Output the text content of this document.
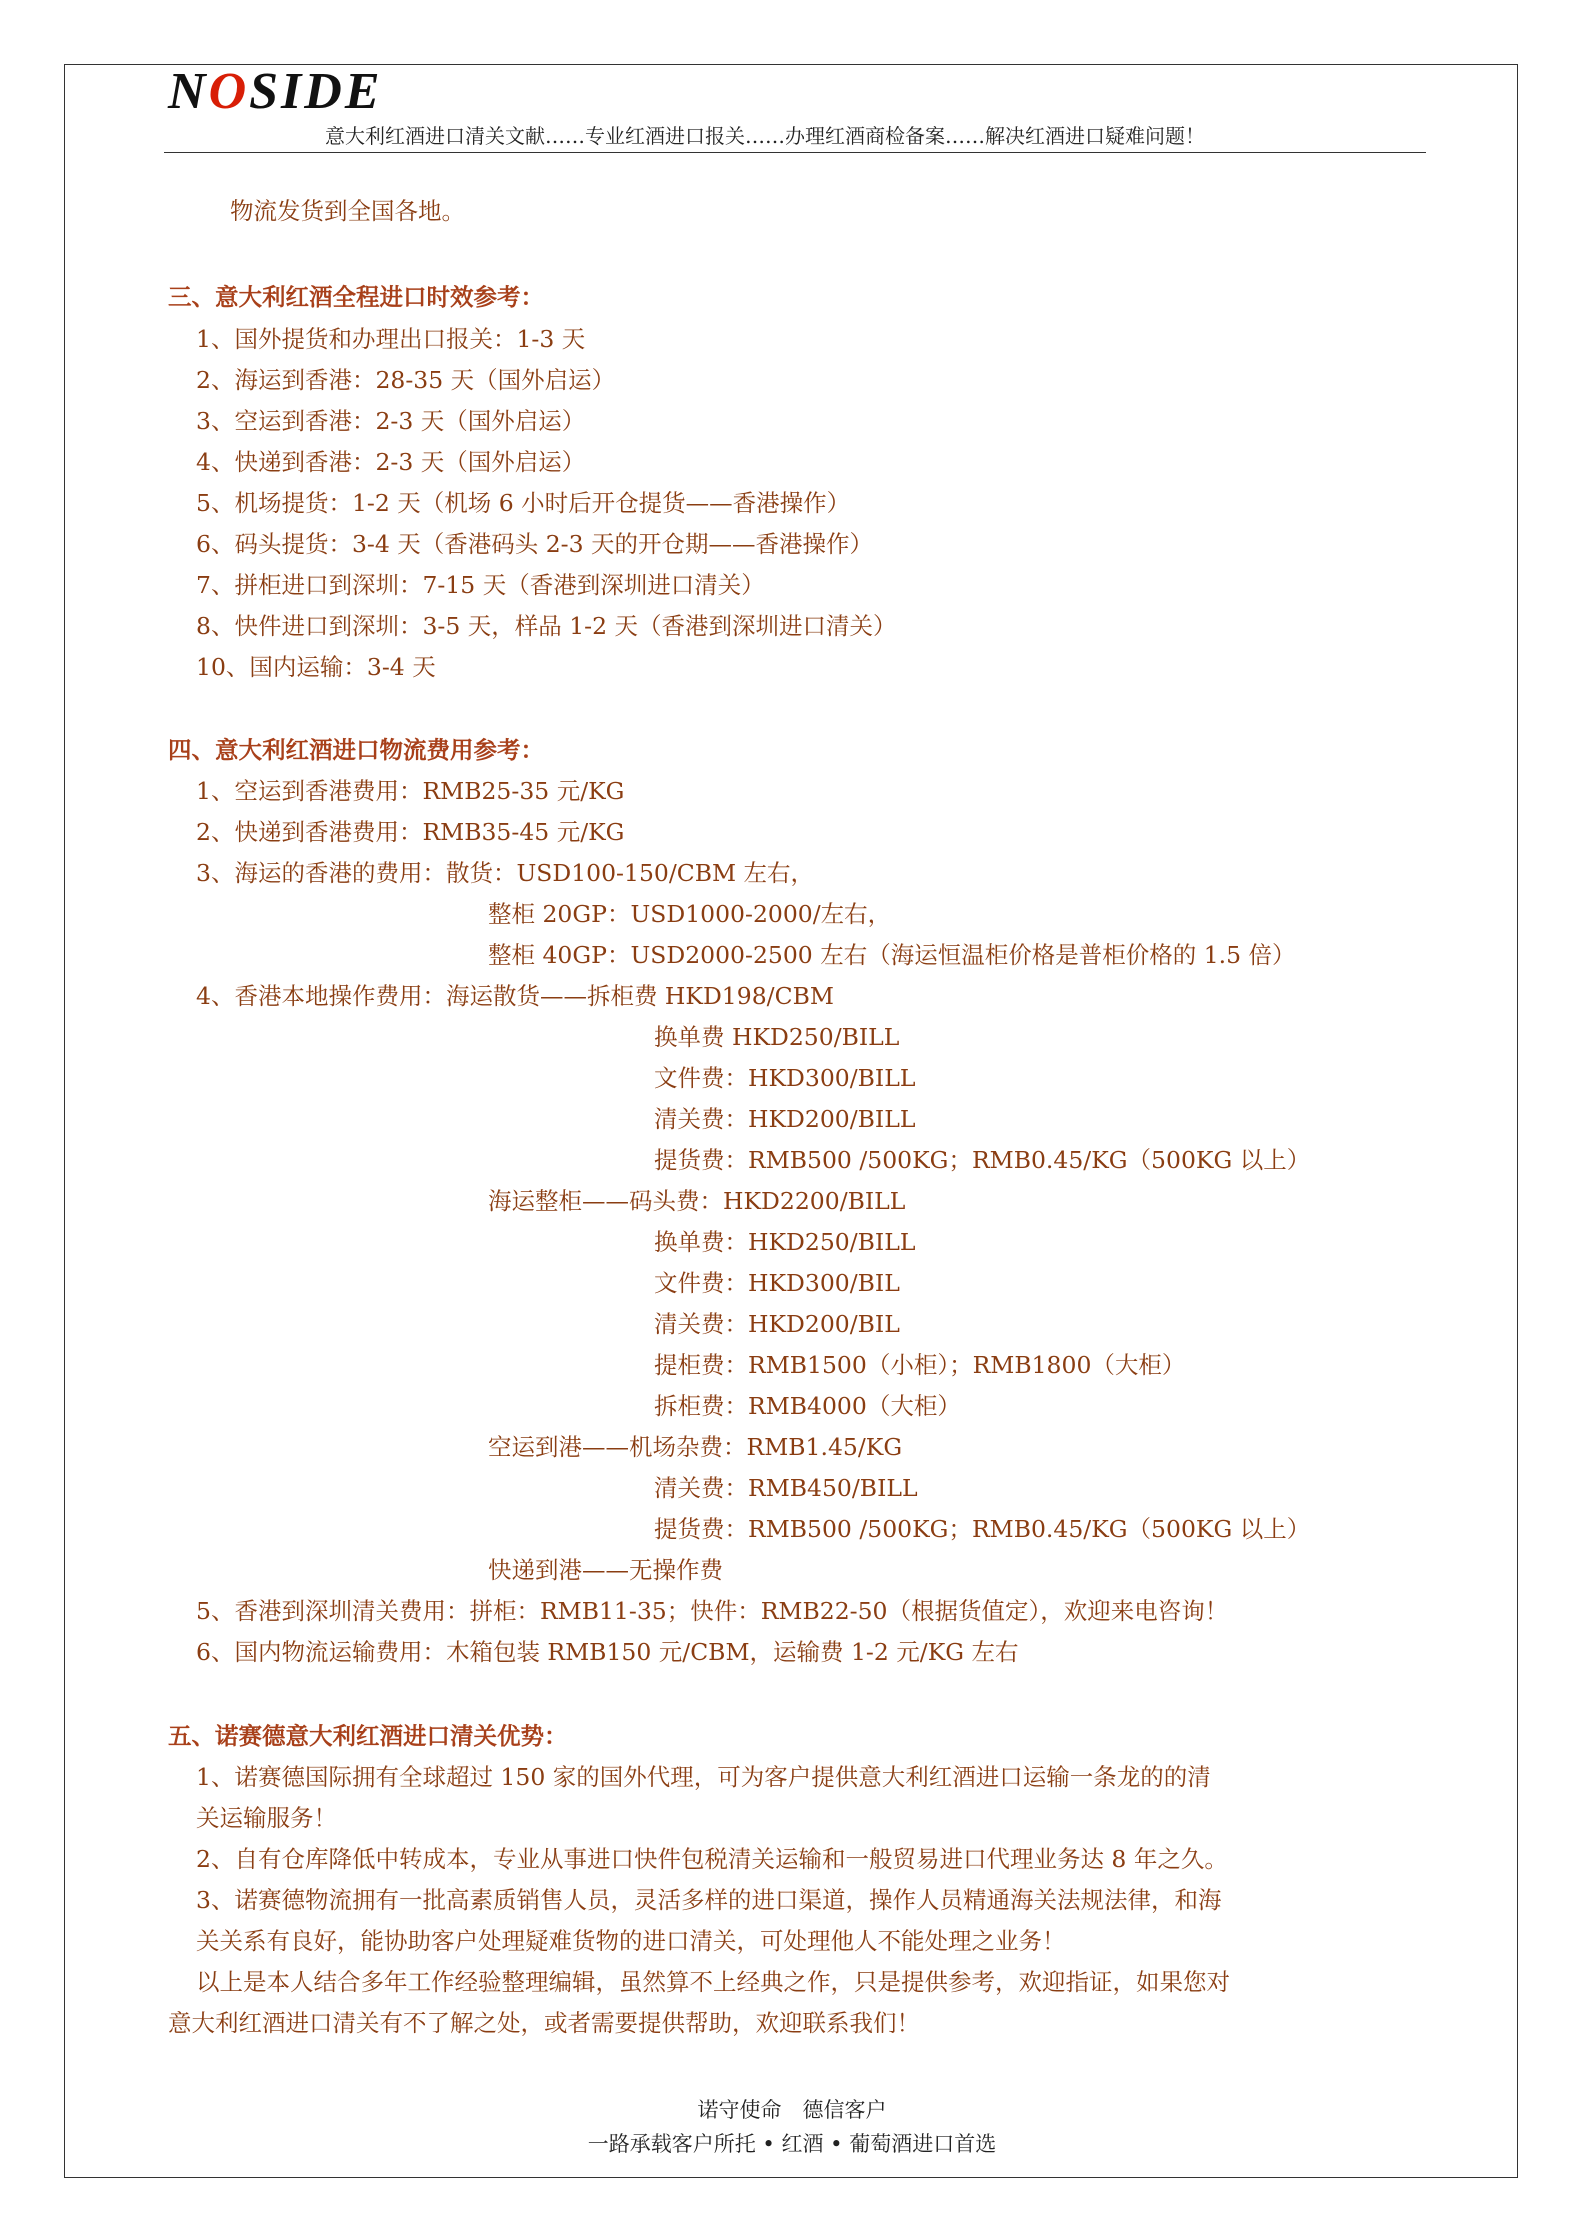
NOSIDE
意大利红酒进口清关文献……专业红酒进口报关……办理红酒商检备案……解决红酒进口疑难问题！
物流发货到全国各地。
三、意大利红酒全程进口时效参考：
1、国外提货和办理出口报关：1-3 天
2、海运到香港：28-35 天（国外启运）
3、空运到香港：2-3 天（国外启运）
4、快递到香港：2-3 天（国外启运）
5、机场提货：1-2 天（机场 6 小时后开仓提货——香港操作）
6、码头提货：3-4 天（香港码头 2-3 天的开仓期——香港操作）
7、拼柜进口到深圳：7-15 天（香港到深圳进口清关）
8、快件进口到深圳：3-5 天，样品 1-2 天（香港到深圳进口清关）
10、国内运输：3-4 天
四、意大利红酒进口物流费用参考：
1、空运到香港费用：RMB25-35 元/KG
2、快递到香港费用：RMB35-45 元/KG
3、海运的香港的费用：散货：USD100-150/CBM 左右，
整柜 20GP：USD1000-2000/左右，
整柜 40GP：USD2000-2500 左右（海运恒温柜价格是普柜价格的 1.5 倍）
4、香港本地操作费用：海运散货——拆柜费 HKD198/CBM
换单费 HKD250/BILL
文件费：HKD300/BILL
清关费：HKD200/BILL
提货费：RMB500 /500KG；RMB0.45/KG（500KG 以上）
海运整柜——码头费：HKD2200/BILL
换单费：HKD250/BILL
文件费：HKD300/BIL
清关费：HKD200/BIL
提柜费：RMB1500（小柜）；RMB1800（大柜）
拆柜费：RMB4000（大柜）
空运到港——机场杂费：RMB1.45/KG
清关费：RMB450/BILL
提货费：RMB500 /500KG；RMB0.45/KG（500KG 以上）
快递到港——无操作费
5、香港到深圳清关费用：拼柜：RMB11-35；快件：RMB22-50（根据货值定），欢迎来电咨询！
6、国内物流运输费用：木箱包装 RMB150 元/CBM，运输费 1-2 元/KG 左右
五、诺赛德意大利红酒进口清关优势：
1、诺赛德国际拥有全球超过 150 家的国外代理，可为客户提供意大利红酒进口运输一条龙的的清
关运输服务！
2、自有仓库降低中转成本，专业从事进口快件包税清关运输和一般贸易进口代理业务达 8 年之久。
3、诺赛德物流拥有一批高素质销售人员，灵活多样的进口渠道，操作人员精通海关法规法律，和海
关关系有良好，能协助客户处理疑难货物的进口清关，可处理他人不能处理之业务！
以上是本人结合多年工作经验整理编辑，虽然算不上经典之作，只是提供参考，欢迎指证，如果您对
意大利红酒进口清关有不了解之处，或者需要提供帮助，欢迎联系我们！
诺守使命　德信客户
一路承载客户所托 • 红酒 • 葡萄酒进口首选
